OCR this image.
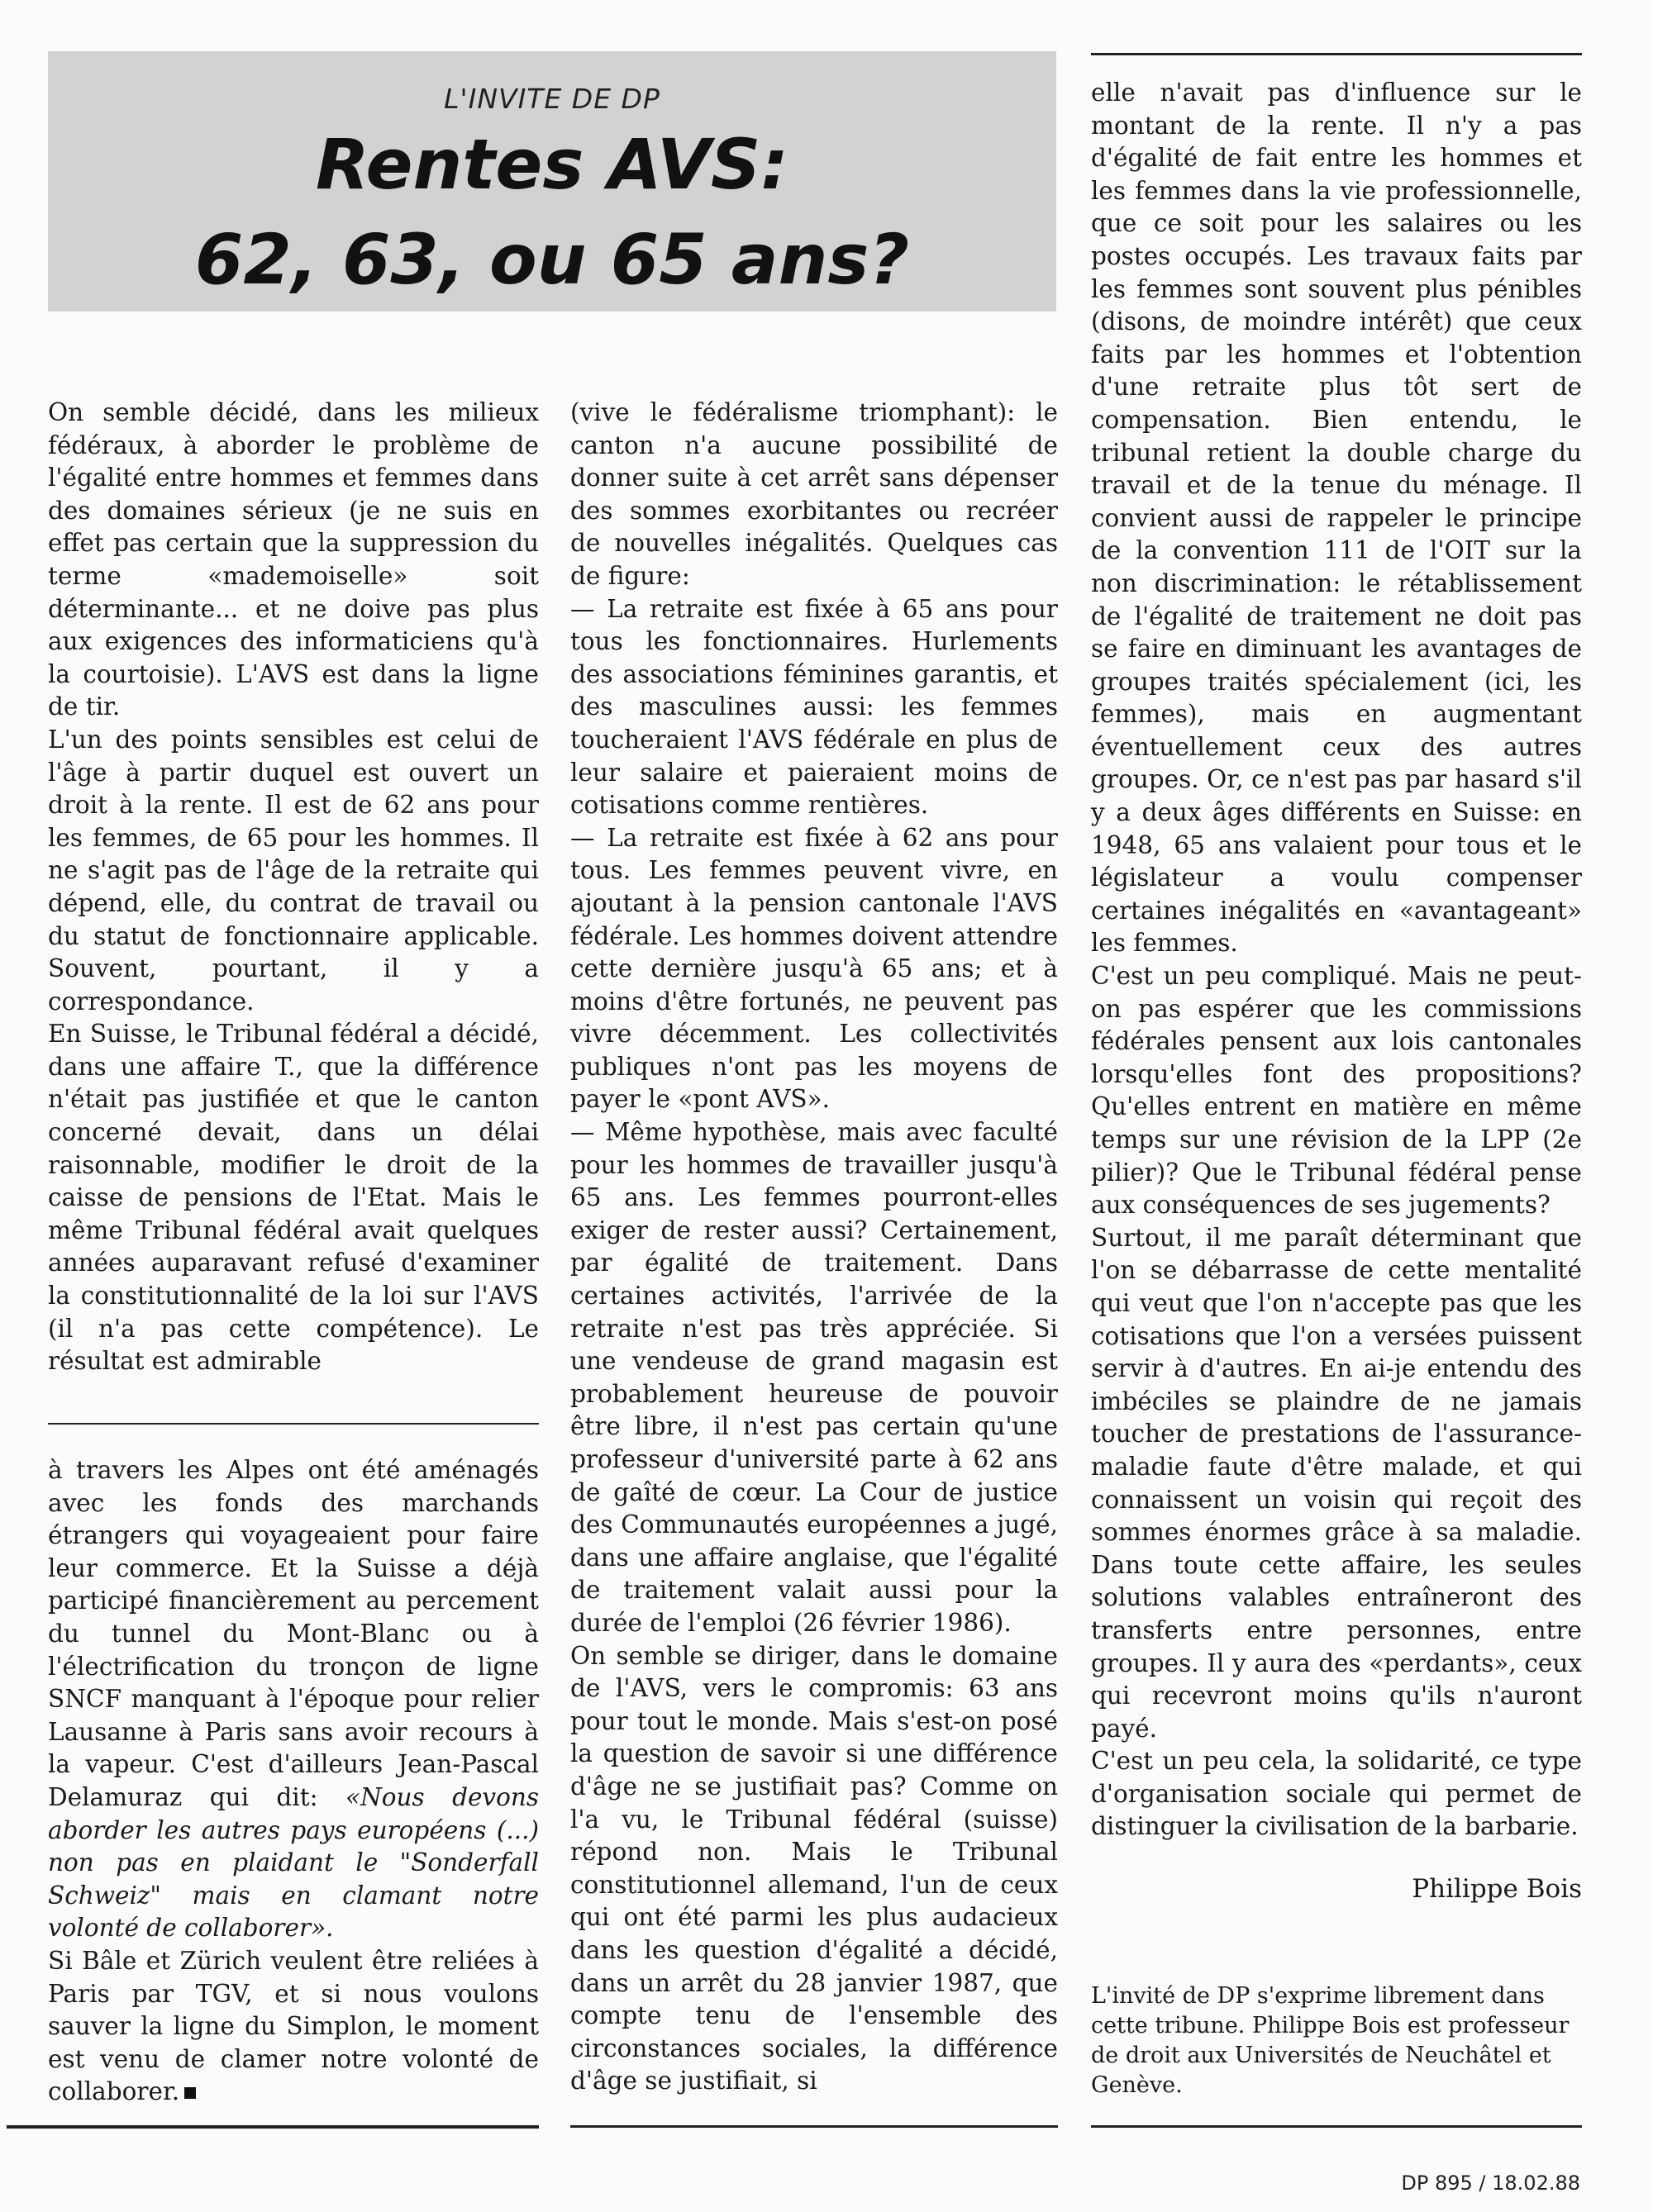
L'INVITE DE DP
Rentes AVS:
62, 63, ou 65 ans?

On semble décidé, dans les milieux fédéraux, à aborder le problème de l'égalité entre hommes et femmes dans des domaines sérieux (je ne suis en effet pas certain que la suppression du terme «mademoiselle» soit déterminante... et ne doive pas plus aux exigences des informaticiens qu'à la courtoisie). L'AVS est dans la ligne de tir.

L'un des points sensibles est celui de l'âge à partir duquel est ouvert un droit à la rente. Il est de 62 ans pour les femmes, de 65 pour les hommes. Il ne s'agit pas de l'âge de la retraite qui dépend, elle, du contrat de travail ou du statut de fonctionnaire applicable. Souvent, pourtant, il y a correspondance.

En Suisse, le Tribunal fédéral a décidé, dans une affaire T., que la différence n'était pas justifiée et que le canton concerné devait, dans un délai raisonnable, modifier le droit de la caisse de pensions de l'Etat. Mais le même Tribunal fédéral avait quelques années auparavant refusé d'examiner la constitutionnalité de la loi sur l'AVS (il n'a pas cette compétence). Le résultat est admirable

à travers les Alpes ont été aménagés avec les fonds des marchands étrangers qui voyageaient pour faire leur commerce. Et la Suisse a déjà participé financièrement au percement du tunnel du Mont-Blanc ou à l'électrification du tronçon de ligne SNCF manquant à l'époque pour relier Lausanne à Paris sans avoir recours à la vapeur. C'est d'ailleurs Jean-Pascal Delamuraz qui dit: «Nous devons aborder les autres pays européens (...) non pas en plaidant le "Sonderfall Schweiz" mais en clamant notre volonté de collaborer».

Si Bâle et Zürich veulent être reliées à Paris par TGV, et si nous voulons sauver la ligne du Simplon, le moment est venu de clamer notre volonté de collaborer.

(vive le fédéralisme triomphant): le canton n'a aucune possibilité de donner suite à cet arrêt sans dépenser des sommes exorbitantes ou recréer de nouvelles inégalités. Quelques cas de figure:

— La retraite est fixée à 65 ans pour tous les fonctionnaires. Hurlements des associations féminines garantis, et des masculines aussi: les femmes toucheraient l'AVS fédérale en plus de leur salaire et paieraient moins de cotisations comme rentières.

— La retraite est fixée à 62 ans pour tous. Les femmes peuvent vivre, en ajoutant à la pension cantonale l'AVS fédérale. Les hommes doivent attendre cette dernière jusqu'à 65 ans; et à moins d'être fortunés, ne peuvent pas vivre décemment. Les collectivités publiques n'ont pas les moyens de payer le «pont AVS».

— Même hypothèse, mais avec faculté pour les hommes de travailler jusqu'à 65 ans. Les femmes pourront-elles exiger de rester aussi? Certainement, par égalité de traitement. Dans certaines activités, l'arrivée de la retraite n'est pas très appréciée. Si une vendeuse de grand magasin est probablement heureuse de pouvoir être libre, il n'est pas certain qu'une professeur d'université parte à 62 ans de gaîté de cœur. La Cour de justice des Communautés européennes a jugé, dans une affaire anglaise, que l'égalité de traitement valait aussi pour la durée de l'emploi (26 février 1986).

On semble se diriger, dans le domaine de l'AVS, vers le compromis: 63 ans pour tout le monde. Mais s'est-on posé la question de savoir si une différence d'âge ne se justifiait pas? Comme on l'a vu, le Tribunal fédéral (suisse) répond non. Mais le Tribunal constitutionnel allemand, l'un de ceux qui ont été parmi les plus audacieux dans les question d'égalité a décidé, dans un arrêt du 28 janvier 1987, que compte tenu de l'ensemble des circonstances sociales, la différence d'âge se justifiait, si

elle n'avait pas d'influence sur le montant de la rente. Il n'y a pas d'égalité de fait entre les hommes et les femmes dans la vie professionnelle, que ce soit pour les salaires ou les postes occupés. Les travaux faits par les femmes sont souvent plus pénibles (disons, de moindre intérêt) que ceux faits par les hommes et l'obtention d'une retraite plus tôt sert de compensation. Bien entendu, le tribunal retient la double charge du travail et de la tenue du ménage. Il convient aussi de rappeler le principe de la convention 111 de l'OIT sur la non discrimination: le rétablissement de l'égalité de traitement ne doit pas se faire en diminuant les avantages de groupes traités spécialement (ici, les femmes), mais en augmentant éventuellement ceux des autres groupes. Or, ce n'est pas par hasard s'il y a deux âges différents en Suisse: en 1948, 65 ans valaient pour tous et le législateur a voulu compenser certaines inégalités en «avantageant» les femmes.

C'est un peu compliqué. Mais ne peut-on pas espérer que les commissions fédérales pensent aux lois cantonales lorsqu'elles font des propositions? Qu'elles entrent en matière en même temps sur une révision de la LPP (2e pilier)? Que le Tribunal fédéral pense aux conséquences de ses jugements?

Surtout, il me paraît déterminant que l'on se débarrasse de cette mentalité qui veut que l'on n'accepte pas que les cotisations que l'on a versées puissent servir à d'autres. En ai-je entendu des imbéciles se plaindre de ne jamais toucher de prestations de l'assurance-maladie faute d'être malade, et qui connaissent un voisin qui reçoit des sommes énormes grâce à sa maladie. Dans toute cette affaire, les seules solutions valables entraîneront des transferts entre personnes, entre groupes. Il y aura des «perdants», ceux qui recevront moins qu'ils n'auront payé.

C'est un peu cela, la solidarité, ce type d'organisation sociale qui permet de distinguer la civilisation de la barbarie.

Philippe Bois
L'invité de DP s'exprime librement dans cette tribune. Philippe Bois est professeur de droit aux Universités de Neuchâtel et Genève.
DP 895 / 18.02.88
